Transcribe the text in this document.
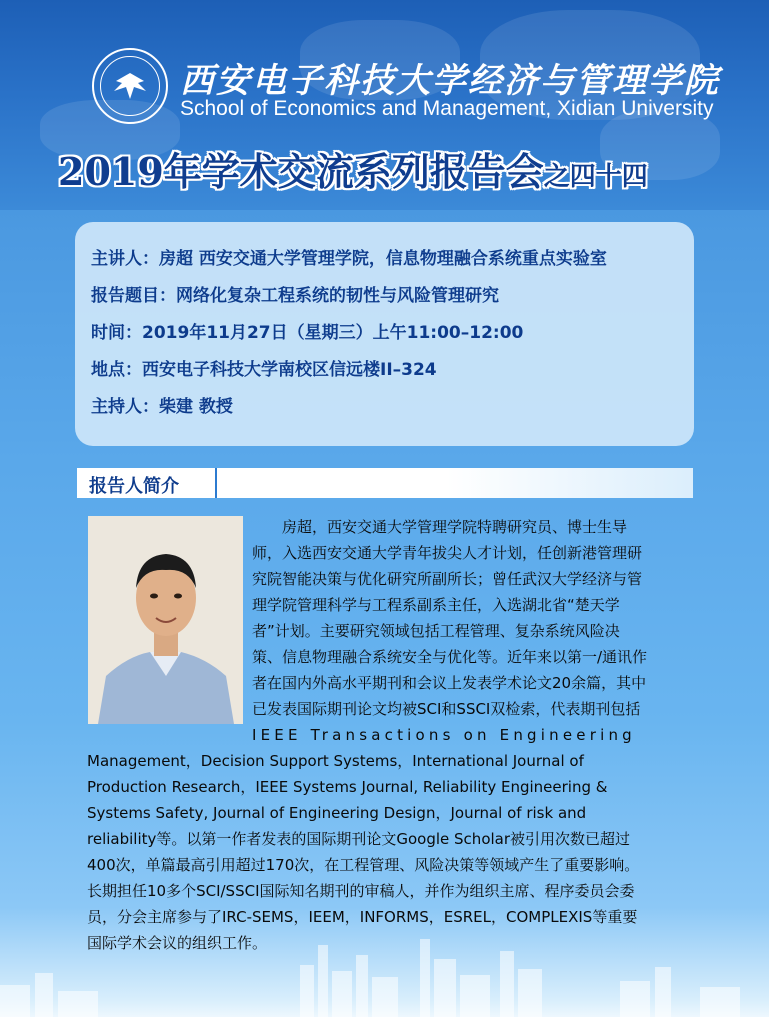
西安电子科技大学经济与管理学院
School of Economics and Management, Xidian University
2019年学术交流系列报告会之四十四
主讲人：房超 西安交通大学管理学院，信息物理融合系统重点实验室
报告题目：网络化复杂工程系统的韧性与风险管理研究
时间：2019年11月27日（星期三）上午11:00–12:00
地点：西安电子科技大学南校区信远楼II–324
主持人：柴建 教授
报告人简介
房超，西安交通大学管理学院特聘研究员、博士生导
师，入选西安交通大学青年拔尖人才计划，任创新港管理研
究院智能决策与优化研究所副所长；曾任武汉大学经济与管
理学院管理科学与工程系副系主任，入选湖北省“楚天学
者”计划。主要研究领域包括工程管理、复杂系统风险决
策、信息物理融合系统安全与优化等。近年来以第一/通讯作
者在国内外高水平期刊和会议上发表学术论文20余篇，其中
已发表国际期刊论文均被SCI和SSCI双检索，代表期刊包括
IEEE Transactions on Engineering
Management，Decision Support Systems，International Journal of
Production Research，IEEE Systems Journal, Reliability Engineering &
Systems Safety, Journal of Engineering Design，Journal of risk and
reliability等。以第一作者发表的国际期刊论文Google Scholar被引用次数已超过
400次，单篇最高引用超过170次，在工程管理、风险决策等领域产生了重要影响。
长期担任10多个SCI/SSCI国际知名期刊的审稿人，并作为组织主席、程序委员会委
员，分会主席参与了IRC-SEMS，IEEM，INFORMS，ESREL，COMPLEXIS等重要
国际学术会议的组织工作。
